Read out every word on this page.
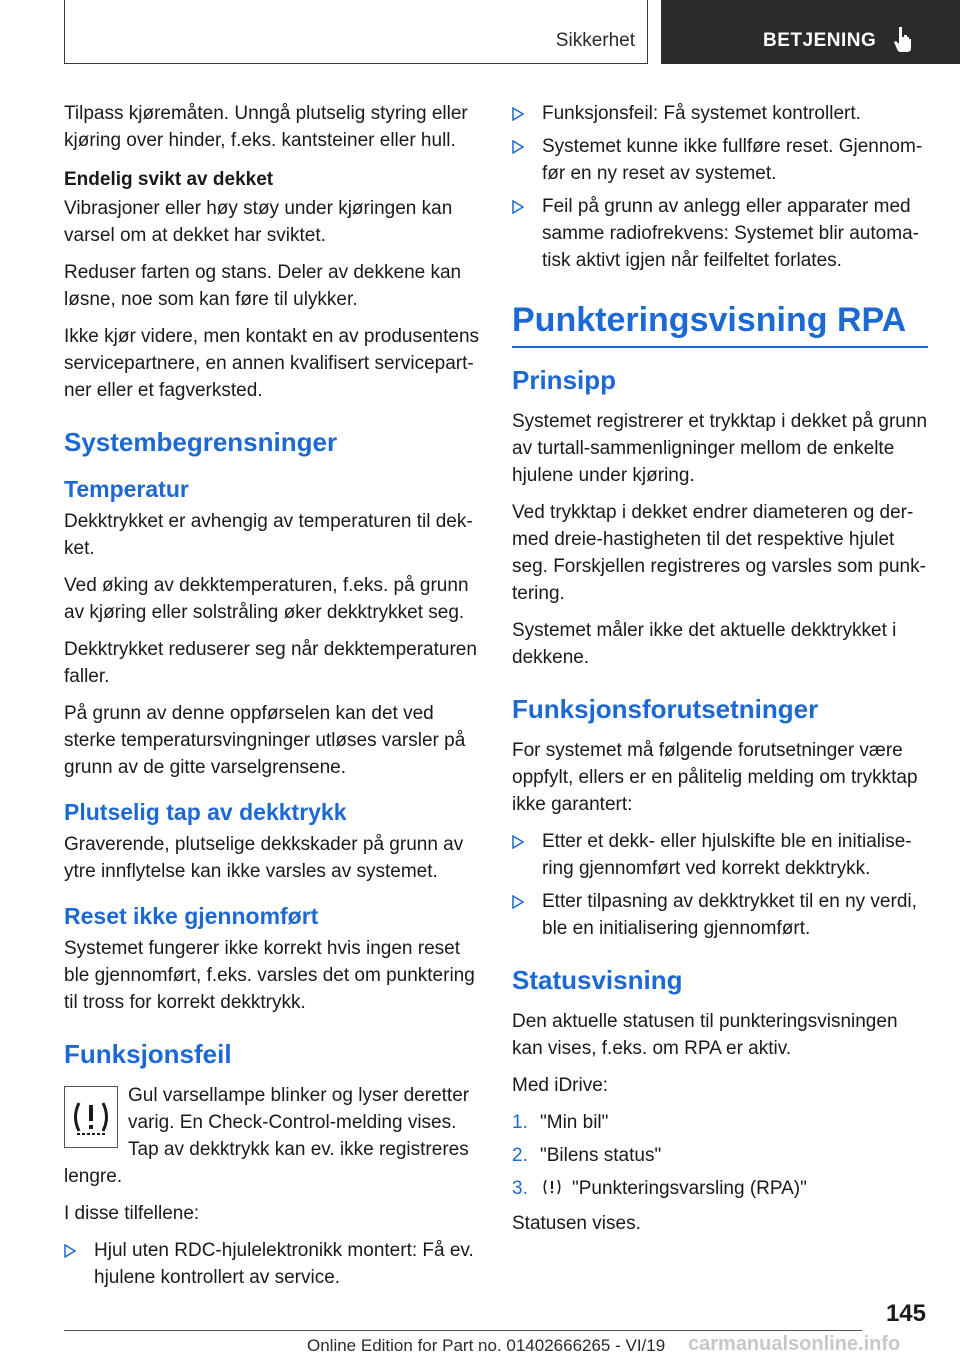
Sikkerhet	BETJENING

Tilpass kjøremåten. Unngå plutselig styring eller kjøring over hinder, f.eks. kantsteiner eller hull.

Endelig svikt av dekket

Vibrasjoner eller høy støy under kjøringen kan varsel om at dekket har sviktet.

Reduser farten og stans. Deler av dekkene kan løsne, noe som kan føre til ulykker.

Ikke kjør videre, men kontakt en av produsentens servicepartnere, en annen kvalifisert servicepartner eller et fagverksted.

Systembegrensninger
Temperatur

Dekktrykket er avhengig av temperaturen til dekket.

Ved øking av dekktemperaturen, f.eks. på grunn av kjøring eller solstråling øker dekktrykket seg.

Dekktrykket reduserer seg når dekktemperaturen faller.

På grunn av denne oppførselen kan det ved sterke temperatursvingninger utløses varsler på grunn av de gitte varselgrensene.

Plutselig tap av dekktrykk

Graverende, plutselige dekkskader på grunn av ytre innflytelse kan ikke varsles av systemet.

Reset ikke gjennomført

Systemet fungerer ikke korrekt hvis ingen reset ble gjennomført, f.eks. varsles det om punktering til tross for korrekt dekktrykk.

Funksjonsfeil

Gul varsellampe blinker og lyser deretter varig. En Check-Control-melding vises. Tap av dekktrykk kan ev. ikke registreres lengre.

I disse tilfellene:

Hjul uten RDC-hjulelektronikk montert: Få ev. hjulene kontrollert av service.
Funksjonsfeil: Få systemet kontrollert.
Systemet kunne ikke fullføre reset. Gjennomfør en ny reset av systemet.
Feil på grunn av anlegg eller apparater med samme radiofrekvens: Systemet blir automatisk aktivt igjen når feilfeltet forlates.
Punkteringsvisning RPA
Prinsipp

Systemet registrerer et trykktap i dekket på grunn av turtall-sammenligninger mellom de enkelte hjulene under kjøring.

Ved trykktap i dekket endrer diameteren og dermed dreie-hastigheten til det respektive hjulet seg. Forskjellen registreres og varsles som punktering.

Systemet måler ikke det aktuelle dekktrykket i dekkene.

Funksjonsforutsetninger

For systemet må følgende forutsetninger være oppfylt, ellers er en pålitelig melding om trykktap ikke garantert:

Etter et dekk- eller hjulskifte ble en initialisering gjennomført ved korrekt dekktrykk.
Etter tilpasning av dekktrykket til en ny verdi, ble en initialisering gjennomført.
Statusvisning

Den aktuelle statusen til punkteringsvisningen kan vises, f.eks. om RPA er aktiv.

Med iDrive:

1. "Min bil"
2. "Bilens status"
3. "Punkteringsvarsling (RPA)"

Statusen vises.

145
Online Edition for Part no. 01402666265 - VI/19 carmanualsonline.info
